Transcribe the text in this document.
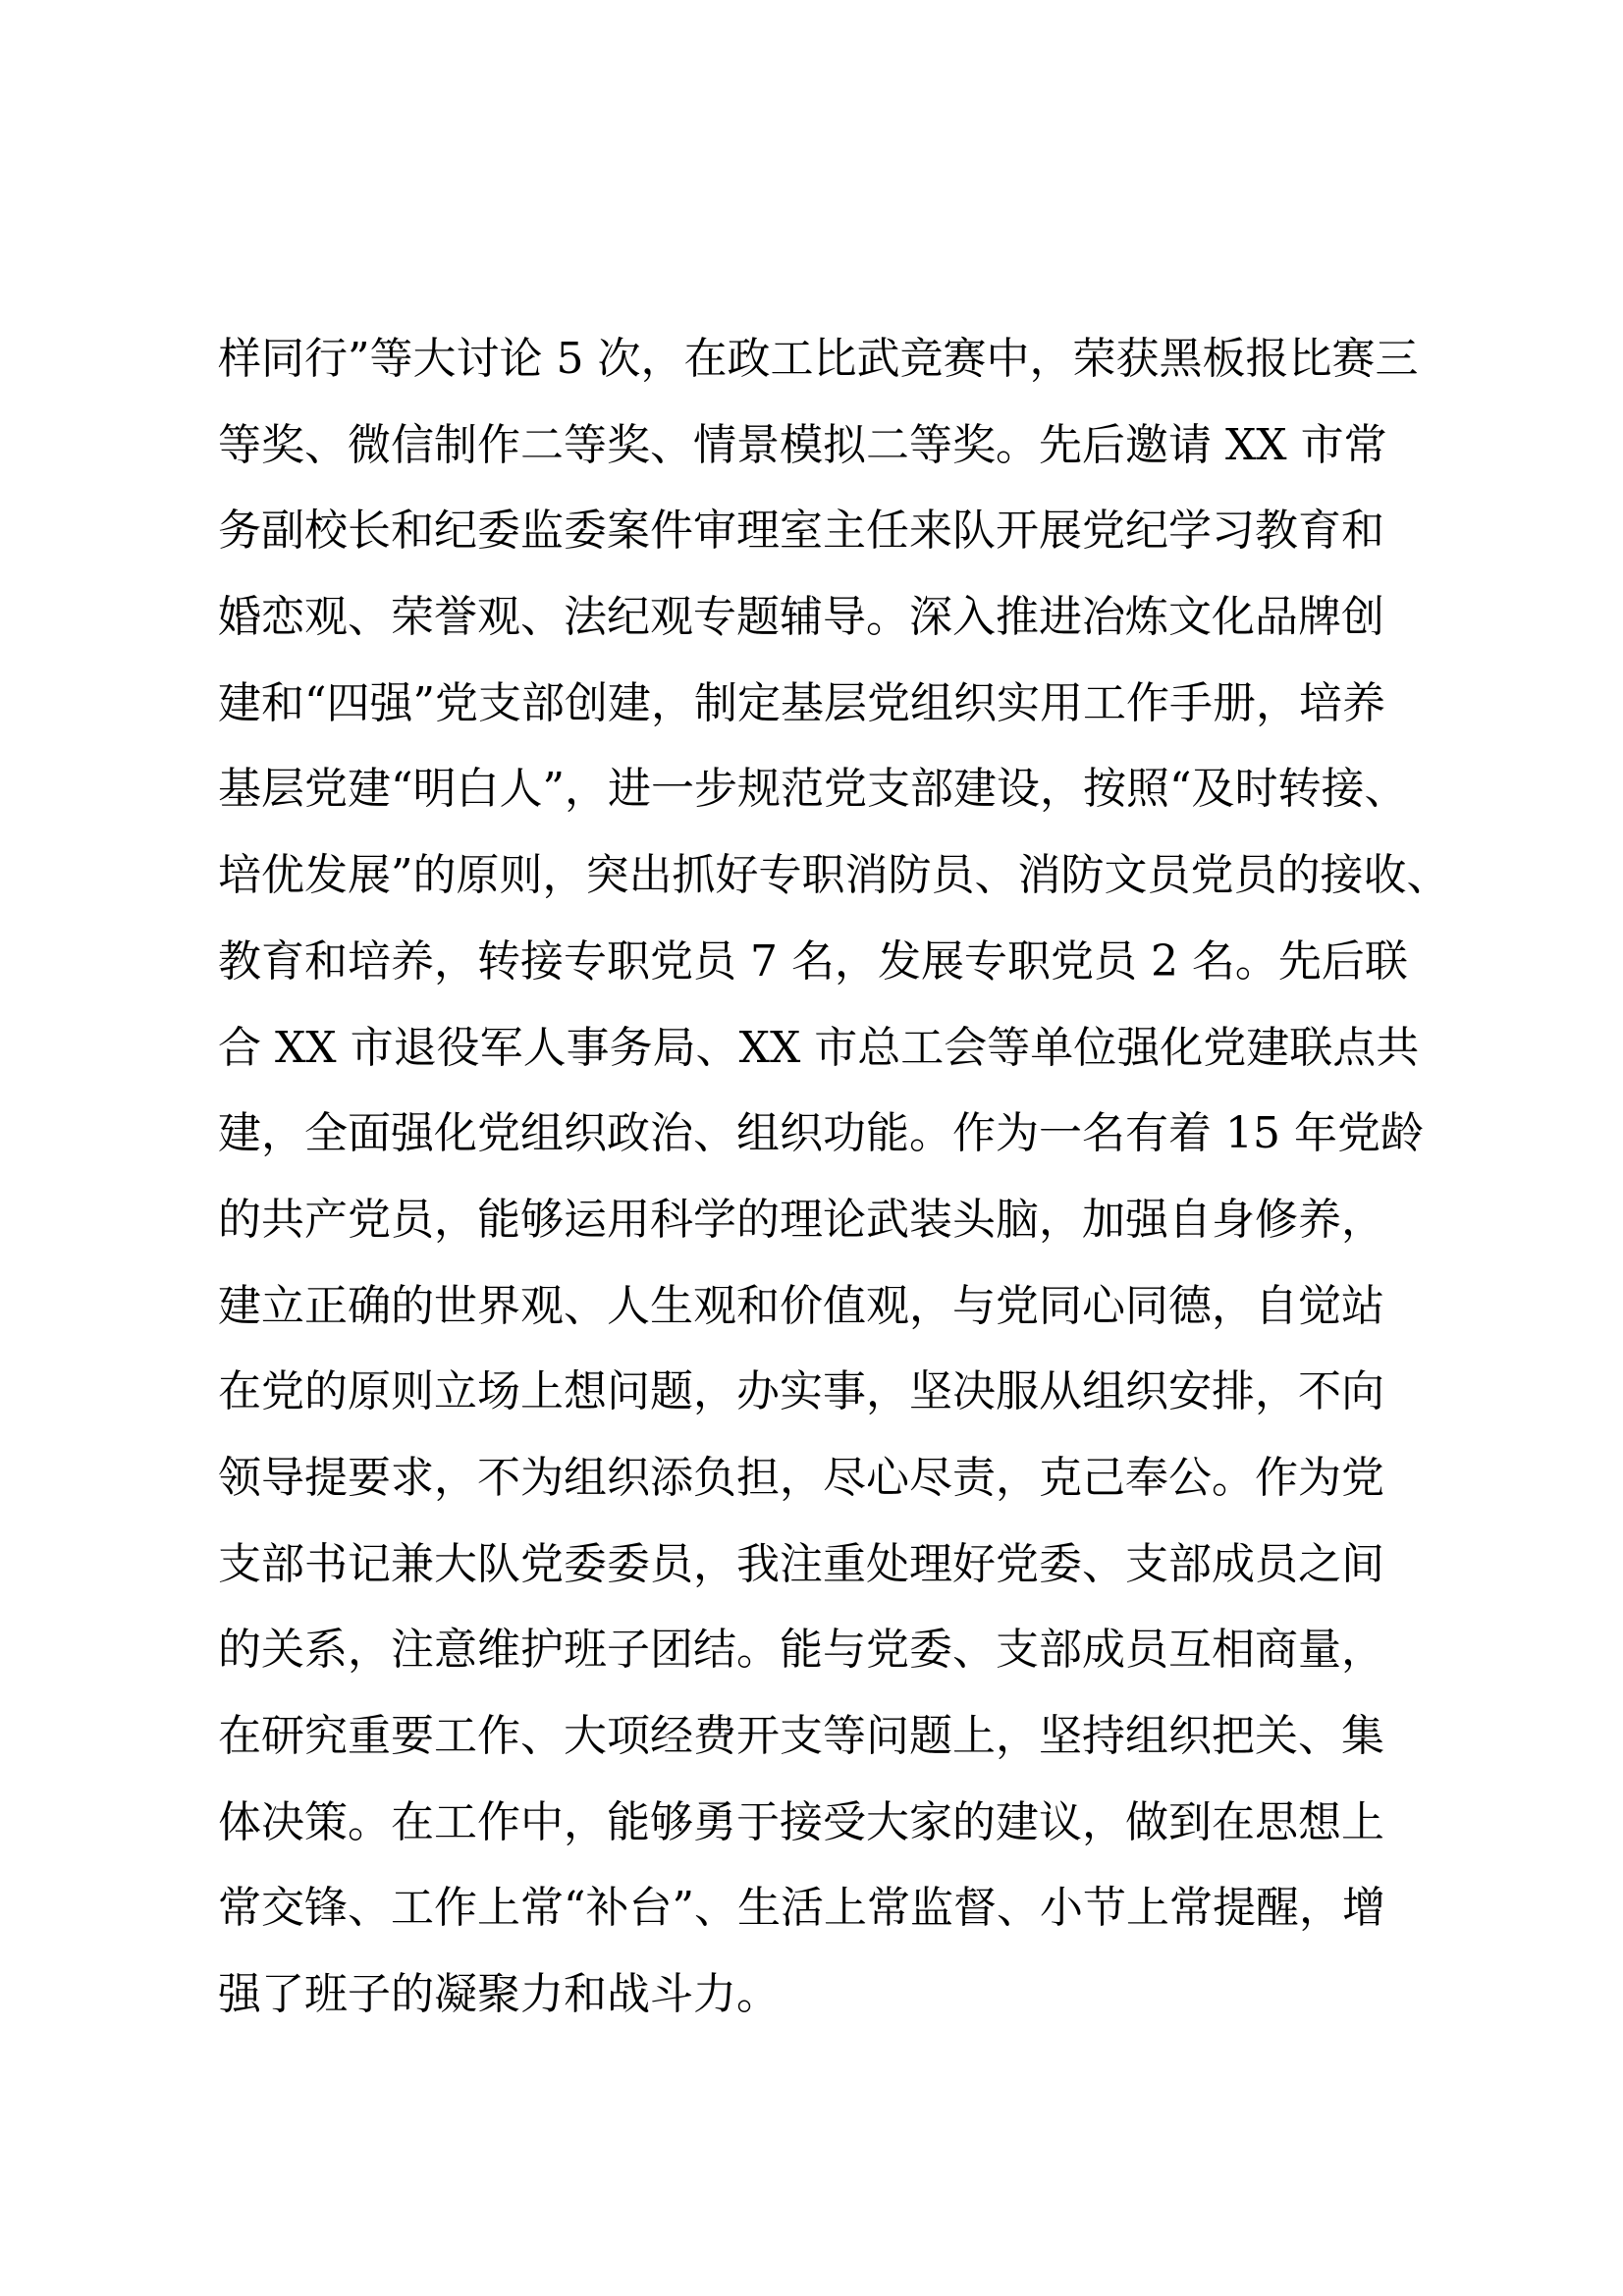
样同行”等大讨论 5 次，在政工比武竞赛中，荣获黑板报比赛三
等奖、微信制作二等奖、情景模拟二等奖。先后邀请 XX 市常
务副校长和纪委监委案件审理室主任来队开展党纪学习教育和
婚恋观、荣誉观、法纪观专题辅导。深入推进冶炼文化品牌创
建和“四强”党支部创建，制定基层党组织实用工作手册，培养
基层党建“明白人”，进一步规范党支部建设，按照“及时转接、
培优发展”的原则，突出抓好专职消防员、消防文员党员的接收、
教育和培养，转接专职党员 7 名，发展专职党员 2 名。先后联
合 XX 市退役军人事务局、XX 市总工会等单位强化党建联点共
建，全面强化党组织政治、组织功能。作为一名有着 15 年党龄
的共产党员，能够运用科学的理论武装头脑，加强自身修养，
建立正确的世界观、人生观和价值观，与党同心同德，自觉站
在党的原则立场上想问题，办实事，坚决服从组织安排，不向
领导提要求，不为组织添负担，尽心尽责，克己奉公。作为党
支部书记兼大队党委委员，我注重处理好党委、支部成员之间
的关系，注意维护班子团结。能与党委、支部成员互相商量，
在研究重要工作、大项经费开支等问题上，坚持组织把关、集
体决策。在工作中，能够勇于接受大家的建议，做到在思想上
常交锋、工作上常“补台”、生活上常监督、小节上常提醒，增
强了班子的凝聚力和战斗力。
